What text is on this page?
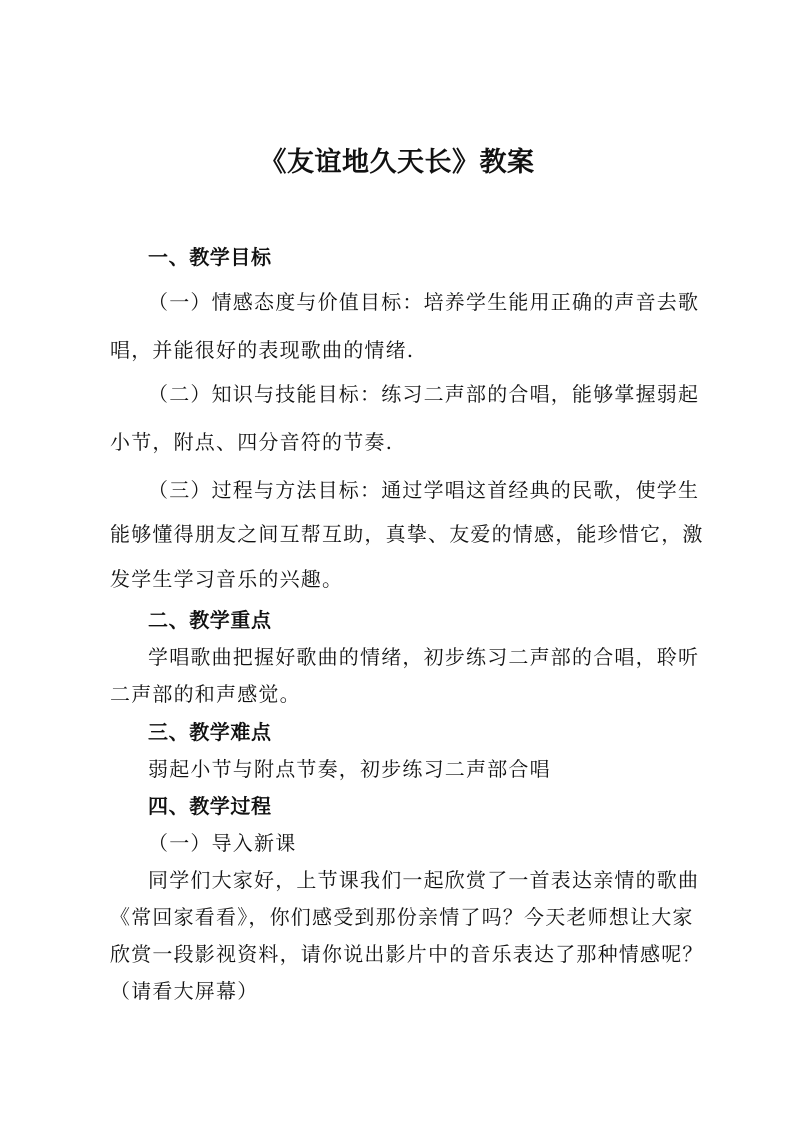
《友谊地久天长》教案
一、教学目标
（一）情感态度与价值目标：培养学生能用正确的声音去歌
唱，并能很好的表现歌曲的情绪.
（二）知识与技能目标：练习二声部的合唱，能够掌握弱起
小节，附点、四分音符的节奏.
（三）过程与方法目标：通过学唱这首经典的民歌，使学生
能够懂得朋友之间互帮互助，真挚、友爱的情感，能珍惜它，激
发学生学习音乐的兴趣。
二、教学重点
学唱歌曲把握好歌曲的情绪，初步练习二声部的合唱，聆听
二声部的和声感觉。
三、教学难点
弱起小节与附点节奏，初步练习二声部合唱
四、教学过程
（一）导入新课
同学们大家好，上节课我们一起欣赏了一首表达亲情的歌曲
《常回家看看》，你们感受到那份亲情了吗？今天老师想让大家
欣赏一段影视资料，请你说出影片中的音乐表达了那种情感呢？
（请看大屏幕）
